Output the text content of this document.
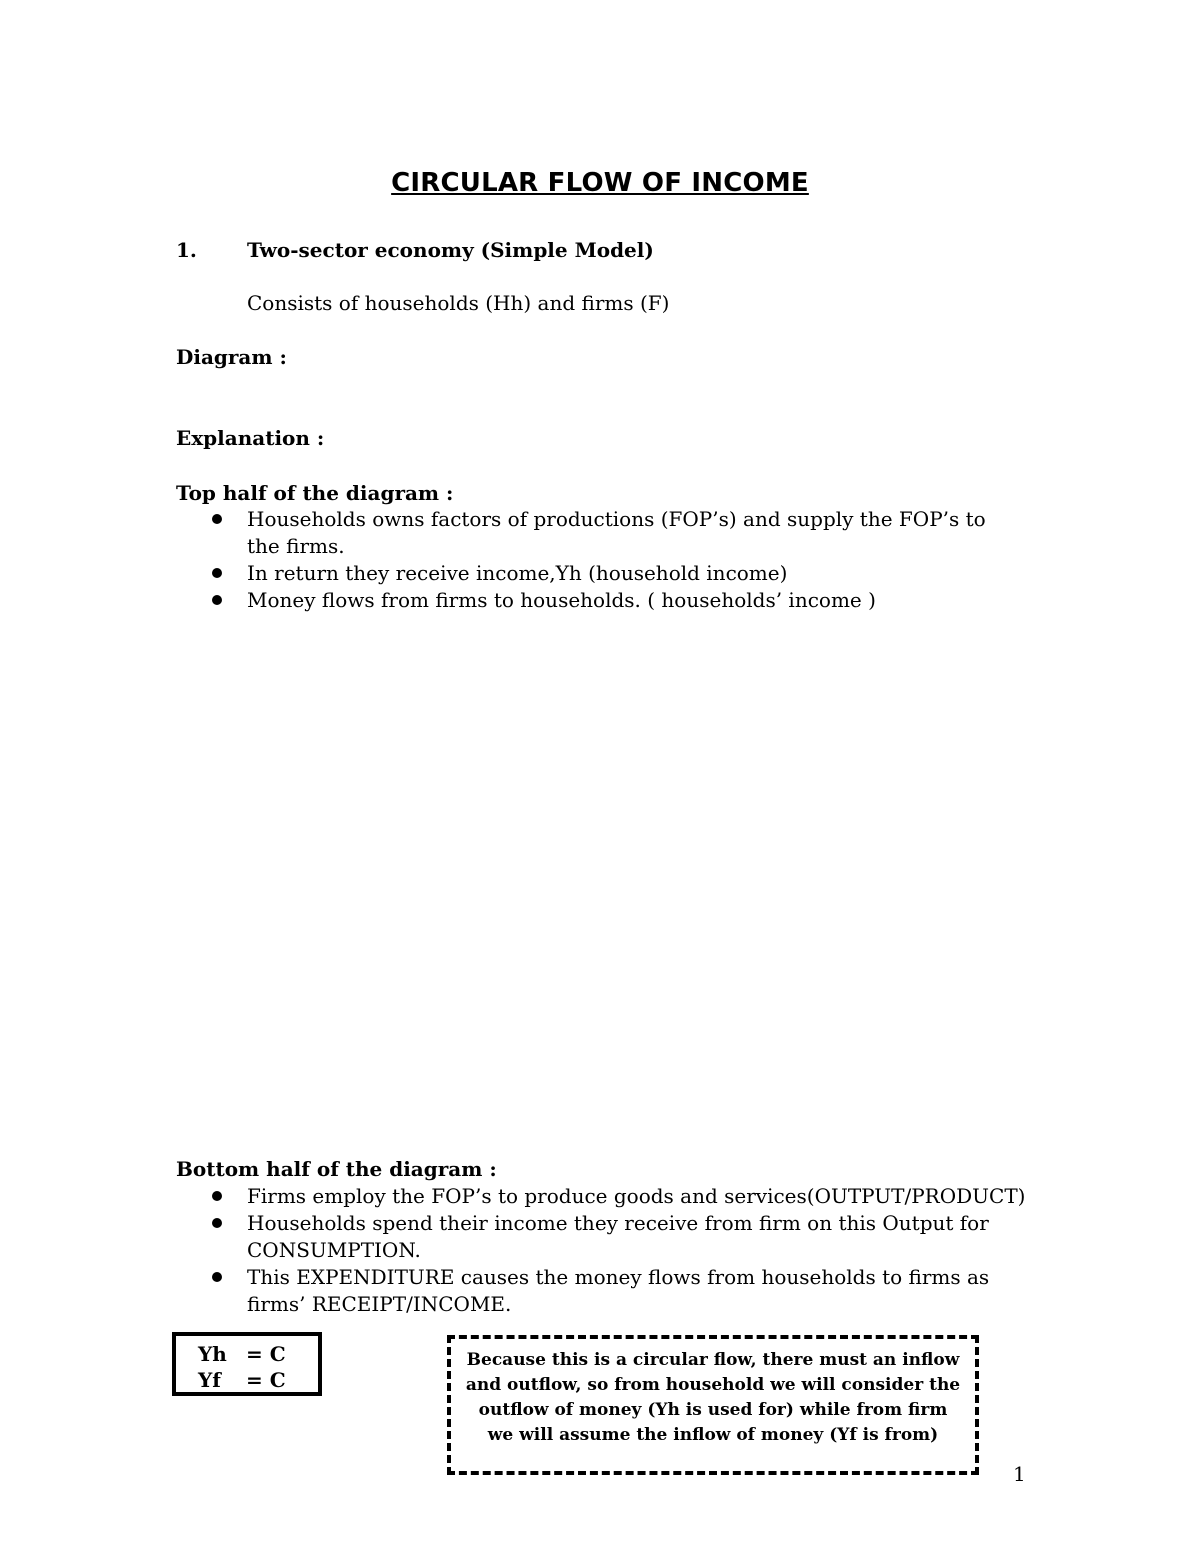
CIRCULAR FLOW OF INCOME
1.	Two-sector economy (Simple Model)
Consists of households (Hh) and firms (F)
Diagram :
Explanation :
Top half of the diagram :
Households owns factors of productions (FOP’s) and supply the FOP’s to the firms.
In return they receive income,Yh (household income)
Money flows from firms to households. ( households’ income )
Bottom half of the diagram :
Firms employ the FOP’s to produce goods and services(OUTPUT/PRODUCT)
Households spend their income they receive from firm on this Output for CONSUMPTION.
This EXPENDITURE causes the money flows from households to firms as firms’ RECEIPT/INCOME.
Yh = C
Yf = C
Because this is a circular flow, there must an inflow and outflow, so from household we will consider the outflow of money (Yh is used for) while from firm we will assume the inflow of money (Yf is from)
1
